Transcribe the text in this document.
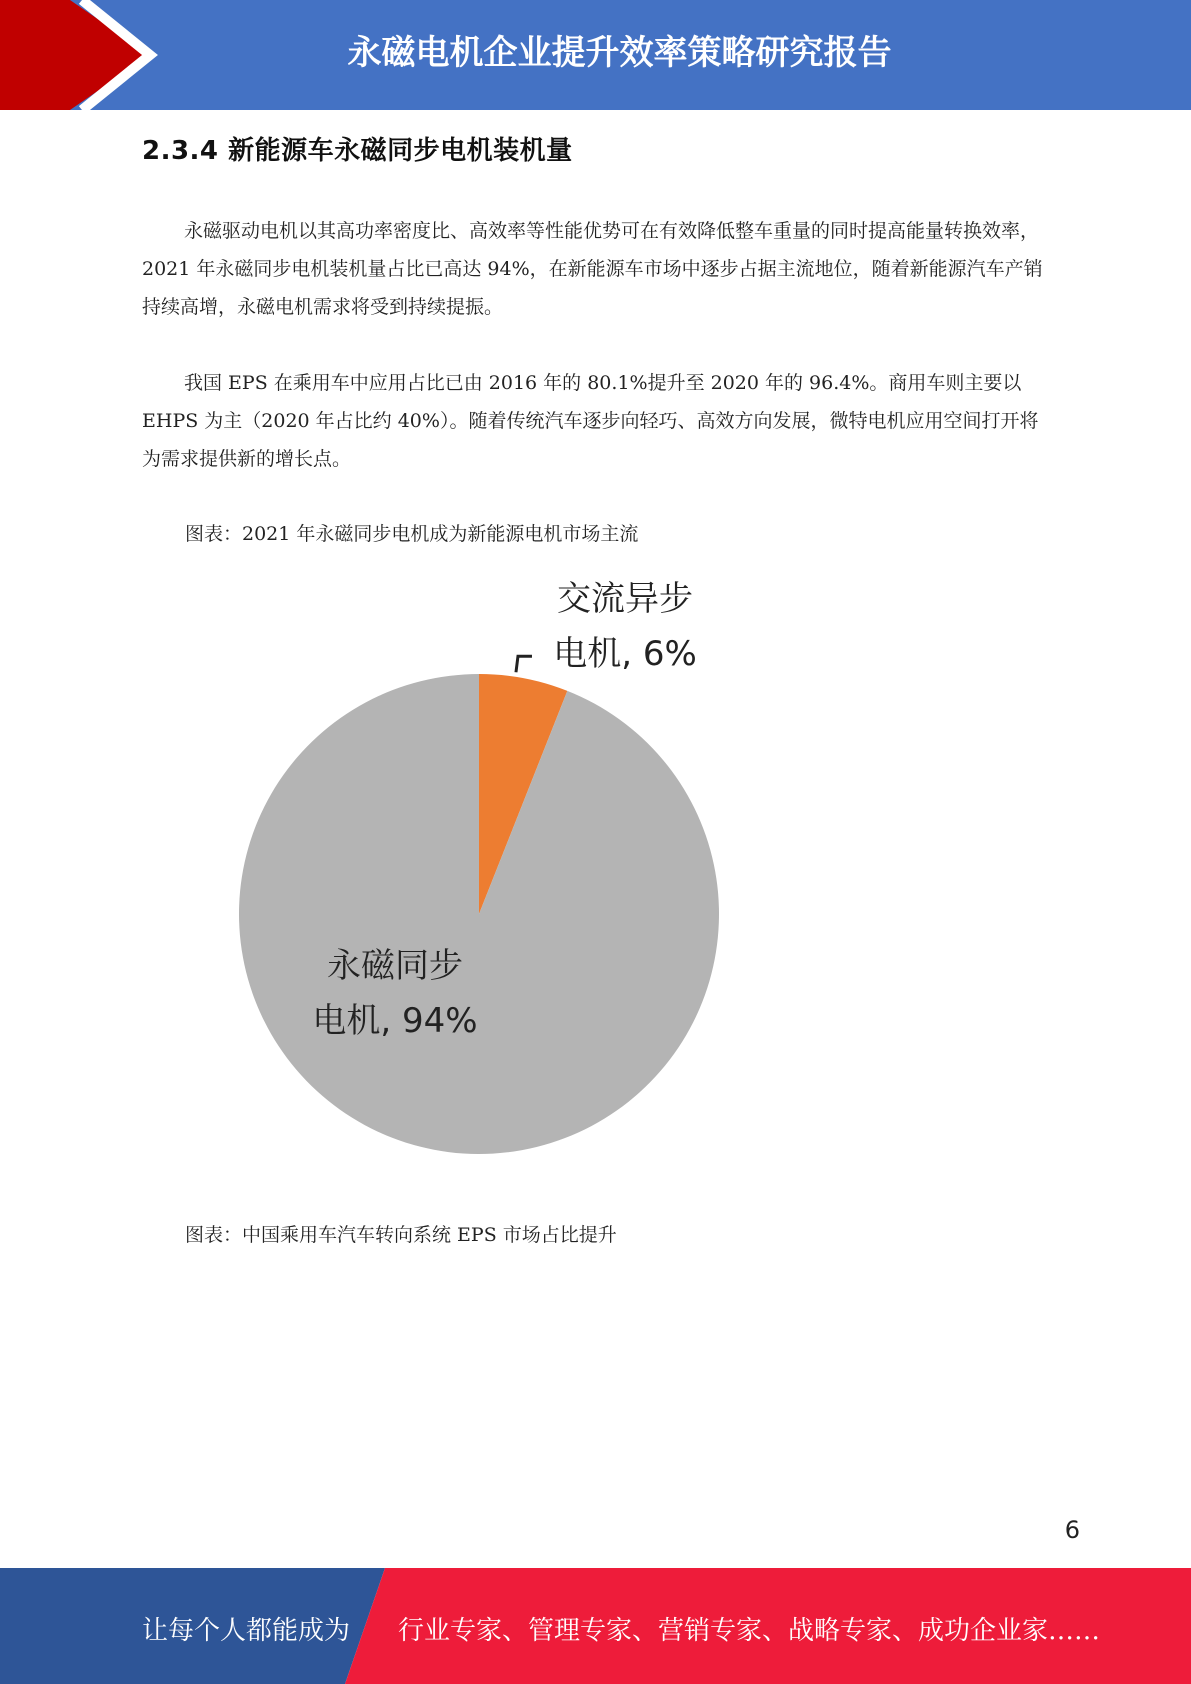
永磁电机企业提升效率策略研究报告
2.3.4 新能源车永磁同步电机装机量

永磁驱动电机以其高功率密度比、高效率等性能优势可在有效降低整车重量的同时提高能量转换效率，2021 年永磁同步电机装机量占比已高达 94%，在新能源车市场中逐步占据主流地位，随着新能源汽车产销持续高增，永磁电机需求将受到持续提振。

我国 EPS 在乘用车中应用占比已由 2016 年的 80.1%提升至 2020 年的 96.4%。商用车则主要以 EHPS 为主（2020 年占比约 40%）。随着传统汽车逐步向轻巧、高效方向发展，微特电机应用空间打开将为需求提供新的增长点。

图表：2021 年永磁同步电机成为新能源电机市场主流
交流异步
电机, 6%
永磁同步
电机, 94%
图表：中国乘用车汽车转向系统 EPS 市场占比提升
6
让每个人都能成为 行业专家、管理专家、营销专家、战略专家、成功企业家……
